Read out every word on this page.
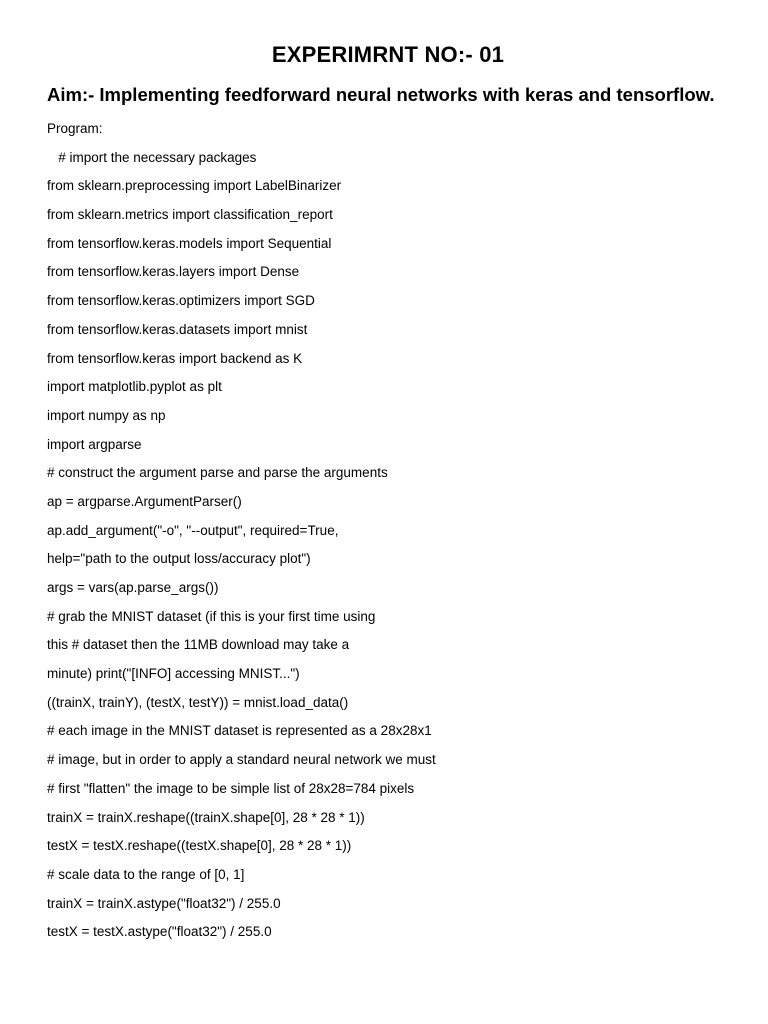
EXPERIMRNT NO:- 01
Aim:- Implementing feedforward neural networks with keras and tensorflow.
Program:
# import the necessary packages
from sklearn.preprocessing import LabelBinarizer
from sklearn.metrics import classification_report
from tensorflow.keras.models import Sequential
from tensorflow.keras.layers import Dense
from tensorflow.keras.optimizers import SGD
from tensorflow.keras.datasets import mnist
from tensorflow.keras import backend as K
import matplotlib.pyplot as plt
import numpy as np
import argparse
# construct the argument parse and parse the arguments
ap = argparse.ArgumentParser()
ap.add_argument("-o", "--output", required=True,
help="path to the output loss/accuracy plot")
args = vars(ap.parse_args())
# grab the MNIST dataset (if this is your first time using
this # dataset then the 11MB download may take a
minute) print("[INFO] accessing MNIST...")
((trainX, trainY), (testX, testY)) = mnist.load_data()
# each image in the MNIST dataset is represented as a 28x28x1
# image, but in order to apply a standard neural network we must
# first "flatten" the image to be simple list of 28x28=784 pixels
trainX = trainX.reshape((trainX.shape[0], 28 * 28 * 1))
testX = testX.reshape((testX.shape[0], 28 * 28 * 1))
# scale data to the range of [0, 1]
trainX = trainX.astype("float32") / 255.0
testX = testX.astype("float32") / 255.0
